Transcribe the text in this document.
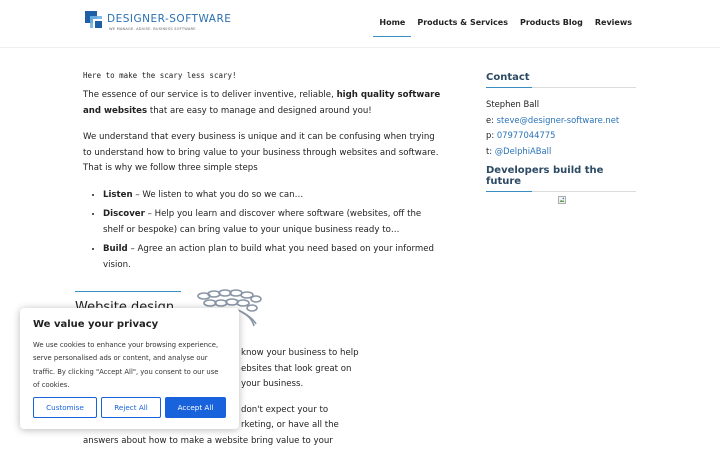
DESIGNER-SOFTWARE
WE MANAGE. ADVISE. BUSINESS SOFTWARE
Home Products & Services Products Blog Reviews

Here to make the scary less scary!

The essence of our service is to deliver inventive, reliable, high quality software and websites that are easy to manage and designed around you!

We understand that every business is unique and it can be confusing when trying to understand how to bring value to your business through websites and software. That is why we follow three simple steps

• Listen – We listen to what you do so we can…
• Discover – Help you learn and discover where software (websites, off the shelf or bespoke) can bring value to your unique business ready to…
• Build – Agree an action plan to build what you need based on your informed vision.
Contact
Stephen Ball
e: steve@designer-software.net
p: 07977044775
t: @DelphiABall
Developers build the future

know your business to help
ebsites that look great on
your business.

don't expect your to
rketing, or have all the
answers about how to make a website bring value to your

We value your privacy

We use cookies to enhance your browsing experience, serve personalised ads or content, and analyse our traffic. By clicking "Accept All", you consent to our use of cookies.

Customise	Reject All	Accept All
